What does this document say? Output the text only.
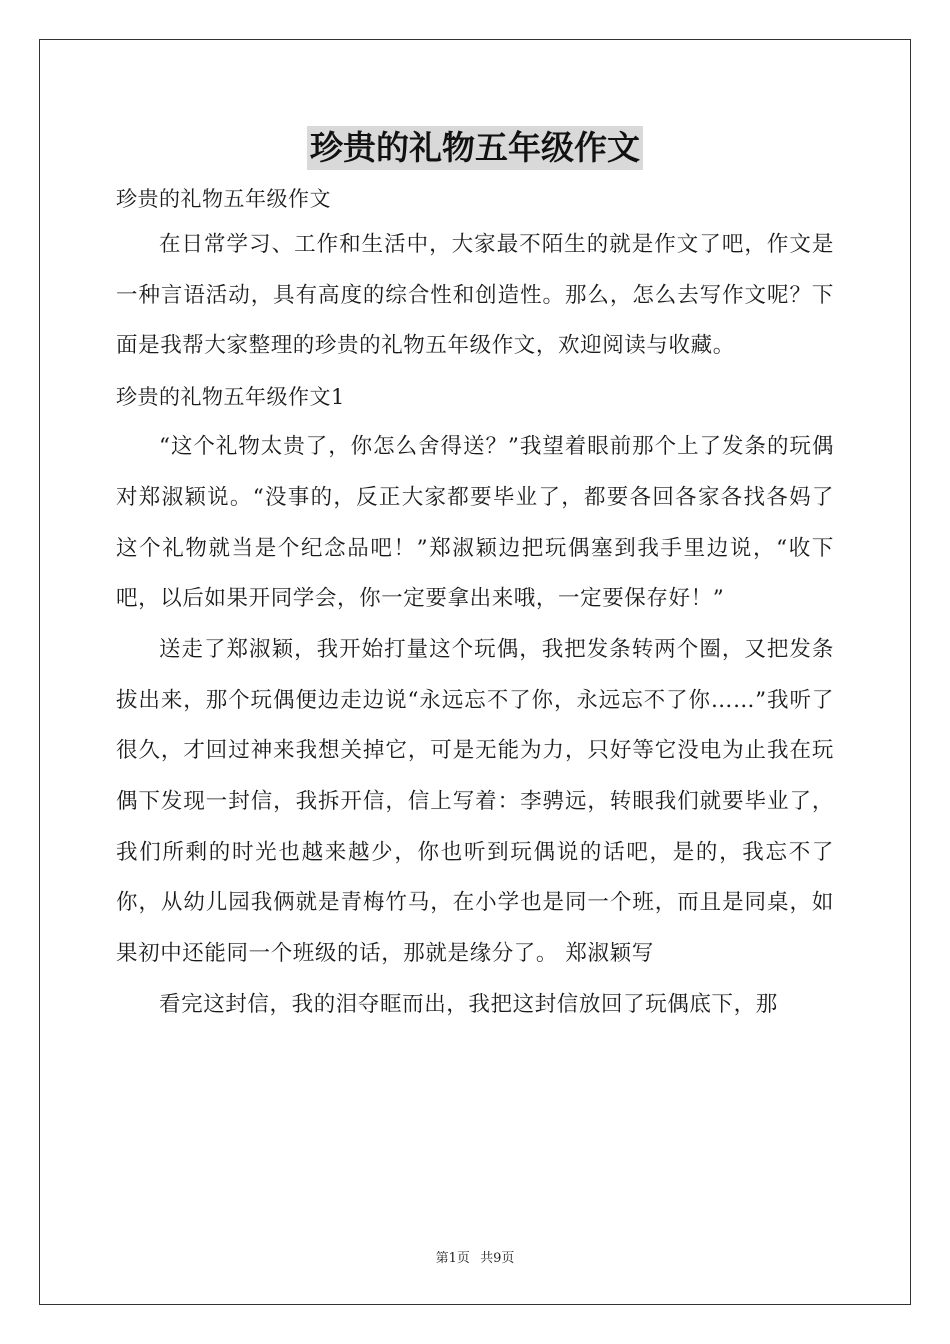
珍贵的礼物五年级作文

珍贵的礼物五年级作文

在日常学习、工作和生活中，大家最不陌生的就是作文了吧，作文是一种言语活动，具有高度的综合性和创造性。那么，怎么去写作文呢？下面是我帮大家整理的珍贵的礼物五年级作文，欢迎阅读与收藏。

珍贵的礼物五年级作文1

“这个礼物太贵了，你怎么舍得送？”我望着眼前那个上了发条的玩偶对郑淑颖说。“没事的，反正大家都要毕业了，都要各回各家各找各妈了这个礼物就当是个纪念品吧！”郑淑颖边把玩偶塞到我手里边说，“收下吧，以后如果开同学会，你一定要拿出来哦，一定要保存好！”

送走了郑淑颖，我开始打量这个玩偶，我把发条转两个圈，又把发条拔出来，那个玩偶便边走边说“永远忘不了你，永远忘不了你……”我听了很久，才回过神来我想关掉它，可是无能为力，只好等它没电为止我在玩偶下发现一封信，我拆开信，信上写着：李骋远，转眼我们就要毕业了，我们所剩的时光也越来越少，你也听到玩偶说的话吧，是的，我忘不了你，从幼儿园我俩就是青梅竹马，在小学也是同一个班，而且是同桌，如果初中还能同一个班级的话，那就是缘分了。 郑淑颖写

看完这封信，我的泪夺眶而出，我把这封信放回了玩偶底下，那

第1页 共9页
